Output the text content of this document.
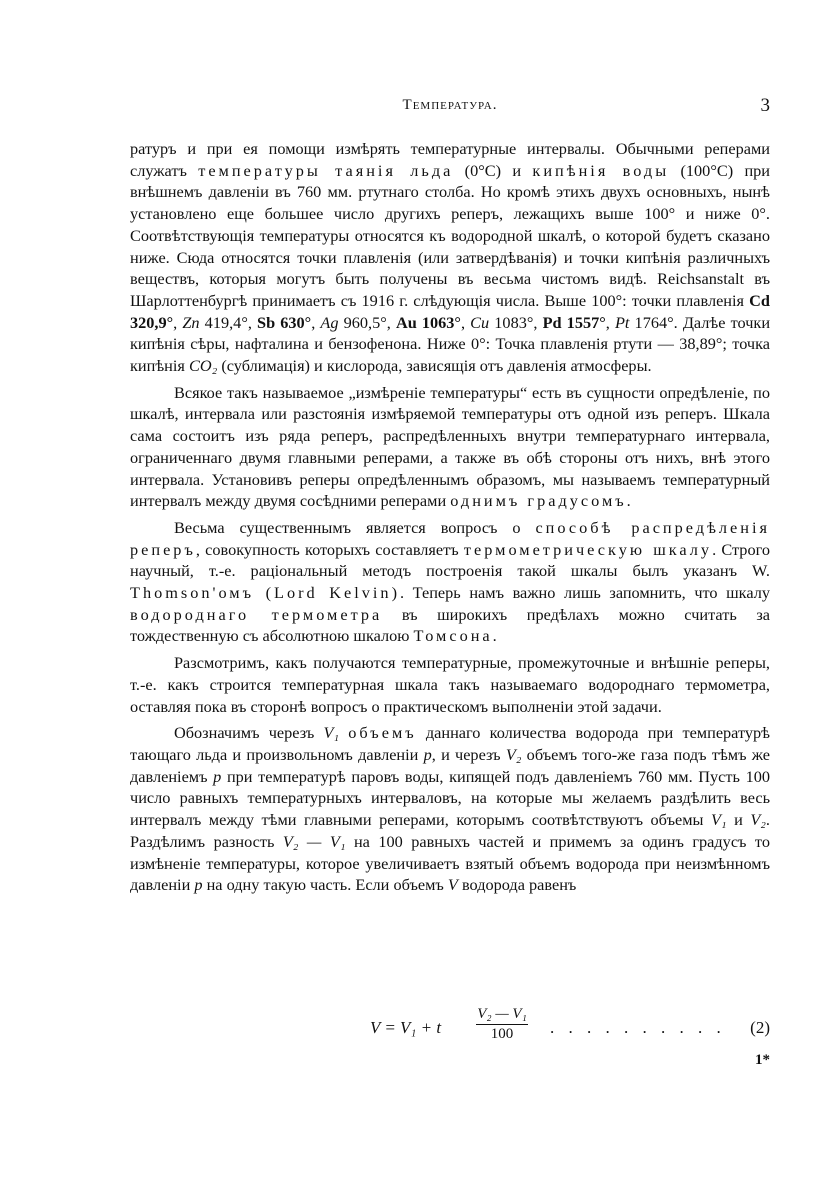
Температура.	3

ратуръ и при ея помощи измѣрять температурные интервалы. Обычными реперами служатъ температуры таянія льда (0°C) и кипѣнія воды (100°C) при внѣшнемъ давленіи въ 760 мм. ртутнаго столба. Но кромѣ этихъ двухъ основныхъ, нынѣ установлено еще большее число другихъ реперъ, лежащихъ выше 100° и ниже 0°. Соотвѣтствующія температуры относятся къ водородной шкалѣ, о которой будетъ сказано ниже. Сюда относятся точки плавленія (или затвердѣванія) и точки кипѣнія различныхъ веществъ, которыя могутъ быть получены въ весьма чистомъ видѣ. Reichsanstalt въ Шарлоттенбургѣ принимаетъ съ 1916 г. слѣдующія числа. Выше 100°: точки плавленія Cd 320,9°, Zn 419,4°, Sb 630°, Ag 960,5°, Au 1063°, Cu 1083°, Pd 1557°, Pt 1764°. Далѣе точки кипѣнія сѣры, нафталина и бензофенона. Ниже 0°: Точка плавленія ртути — 38,89°; точка кипѣнія CO₂ (сублимація) и кислорода, зависящія отъ давленія атмосферы.

Всякое такъ называемое „измѣреніе температуры“ есть въ сущности опредѣленіе, по шкалѣ, интервала или разстоянія измѣряемой температуры отъ одной изъ реперъ. Шкала сама состоитъ изъ ряда реперъ, распредѣленныхъ внутри температурнаго интервала, ограниченнаго двумя главными реперами, а также въ обѣ стороны отъ нихъ, внѣ этого интервала. Установивъ реперы опредѣленнымъ образомъ, мы называемъ температурный интервалъ между двумя сосѣдними реперами однимъ градусомъ.

Весьма существеннымъ является вопросъ о способѣ распредѣленія реперъ, совокупность которыхъ составляетъ термометрическую шкалу. Строго научный, т.-е. раціональный методъ построенія такой шкалы былъ указанъ W. Thomson'омъ (Lord Kelvin). Теперь намъ важно лишь запомнить, что шкалу водороднаго термометра въ широкихъ предѣлахъ можно считать за тождественную съ абсолютною шкалою Томсона.

Разсмотримъ, какъ получаются температурные, промежуточные и внѣшніе реперы, т.-е. какъ строится температурная шкала такъ называемаго водороднаго термометра, оставляя пока въ сторонѣ вопросъ о практическомъ выполненіи этой задачи.

Обозначимъ черезъ V₁ объемъ даннаго количества водорода при температурѣ тающаго льда и произвольномъ давленіи p, и черезъ V₂ объемъ того-же газа подъ тѣмъ же давленіемъ p при температурѣ паровъ воды, кипящей подъ давленіемъ 760 мм. Пусть 100 число равныхъ температурныхъ интерваловъ, на которые мы желаемъ раздѣлить весь интервалъ между тѣми главными реперами, которымъ соотвѣтствуютъ объемы V₁ и V₂. Раздѣлимъ разность V₂ — V₁ на 100 равныхъ частей и примемъ за одинъ градусъ то измѣненіе температуры, которое увеличиваетъ взятый объемъ водорода при неизмѣнномъ давленіи p на одну такую часть. Если объемъ V водорода равенъ

V = V₁ + t $\frac{\text{V₂ — V₁}}{100}$ . . . . . . . . . . (2)
1*
